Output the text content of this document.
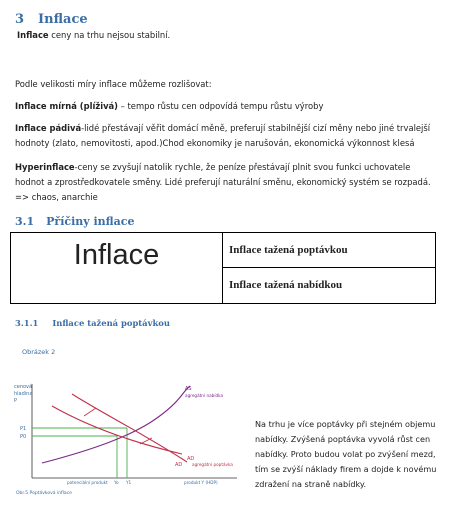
3 Inflace

Inflace ceny na trhu nejsou stabilní.

Podle velikosti míry inflace můžeme rozlišovat:

Inflace mírná (plíživá) – tempo růstu cen odpovídá tempu růstu výroby

Inflace pádivá-lidé přestávají věřit domácí měně, preferují stabilnější cizí měny nebo jiné trvalejší

hodnoty (zlato, nemovitosti, apod.)Chod ekonomiky je narušován, ekonomická výkonnost klesá

Hyperinflace-ceny se zvyšují natolik rychle, že peníze přestávají plnit svou funkci uchovatele hodnot a zprostředkovatele směny. Lidé preferují naturální směnu, ekonomický systém se rozpadá. => chaos, anarchie

3.1 Příčiny inflace
Inflace	Inflace tažená poptávkou
Inflace tažená nabídkou
3.1.1 Inflace tažená poptávkou
Obrázek 2
cenová
hladina
P
P1
P0
AS
agregátní nabídka
AD
AD agregátní poptávka
potenciální produkt Yo Y1	produkt Y (HDP)
Obr.5 Poptávková inflace

Na trhu je více poptávky při stejném objemu nabídky. Zvýšená poptávka vyvolá růst cen nabídky. Proto budou volat po zvýšení mezd, tím se zvýší náklady firem a dojde k novému zdražení na straně nabídky.
